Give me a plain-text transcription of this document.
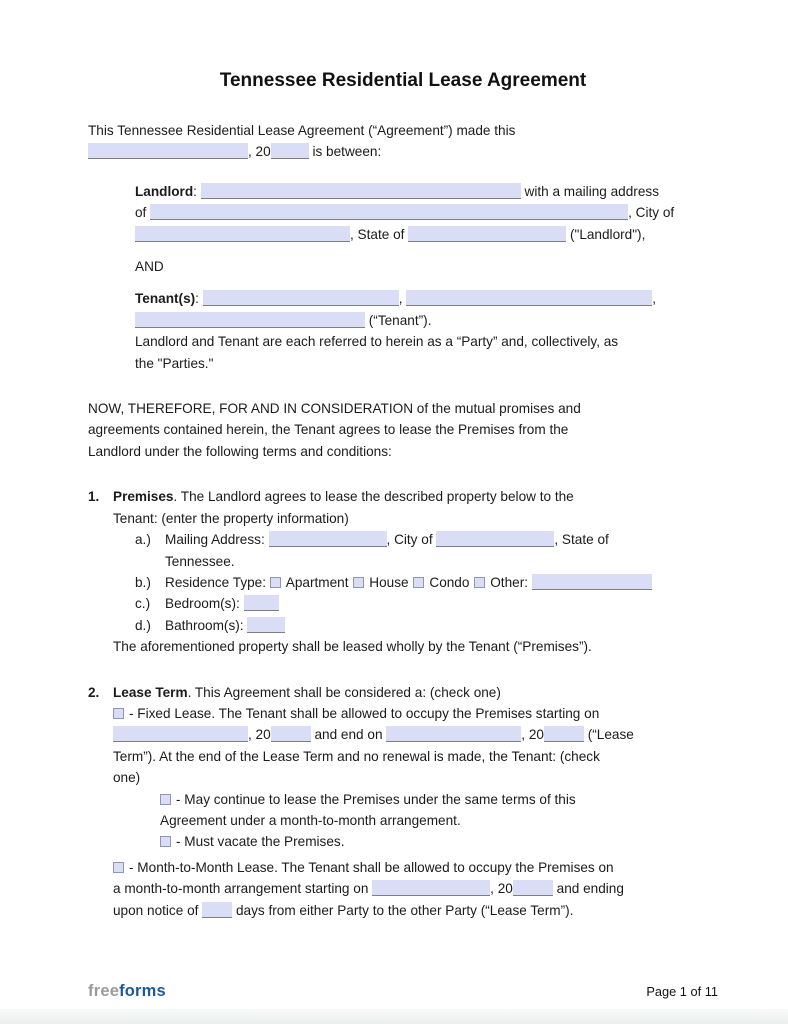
Tennessee Residential Lease Agreement
This Tennessee Residential Lease Agreement (“Agreement”) made this
, 20	is between:
Landlord:	with a mailing address
of	, City of
, State of	("Landlord"),
AND
Tenant(s):	,	,
(“Tenant”).
Landlord and Tenant are each referred to herein as a “Party” and, collectively, as
the "Parties."
NOW, THEREFORE, FOR AND IN CONSIDERATION of the mutual promises and
agreements contained herein, the Tenant agrees to lease the Premises from the
Landlord under the following terms and conditions:
1.	Premises. The Landlord agrees to lease the described property below to the
Tenant: (enter the property information)
a.)	Mailing Address:	, City of	, State of
Tennessee.
b.)	Residence Type: Apartment House Condo Other:
c.)	Bedroom(s):
d.)	Bathroom(s):
The aforementioned property shall be leased wholly by the Tenant (“Premises”).
2.	Lease Term. This Agreement shall be considered a: (check one)
- Fixed Lease. The Tenant shall be allowed to occupy the Premises starting on
, 20	and end on	, 20	(“Lease
Term”). At the end of the Lease Term and no renewal is made, the Tenant: (check
one)
- May continue to lease the Premises under the same terms of this
Agreement under a month-to-month arrangement.
- Must vacate the Premises.
- Month-to-Month Lease. The Tenant shall be allowed to occupy the Premises on
a month-to-month arrangement starting on	, 20	and ending
upon notice of  days from either Party to the other Party (“Lease Term”).
freeforms	Page 1 of 11
